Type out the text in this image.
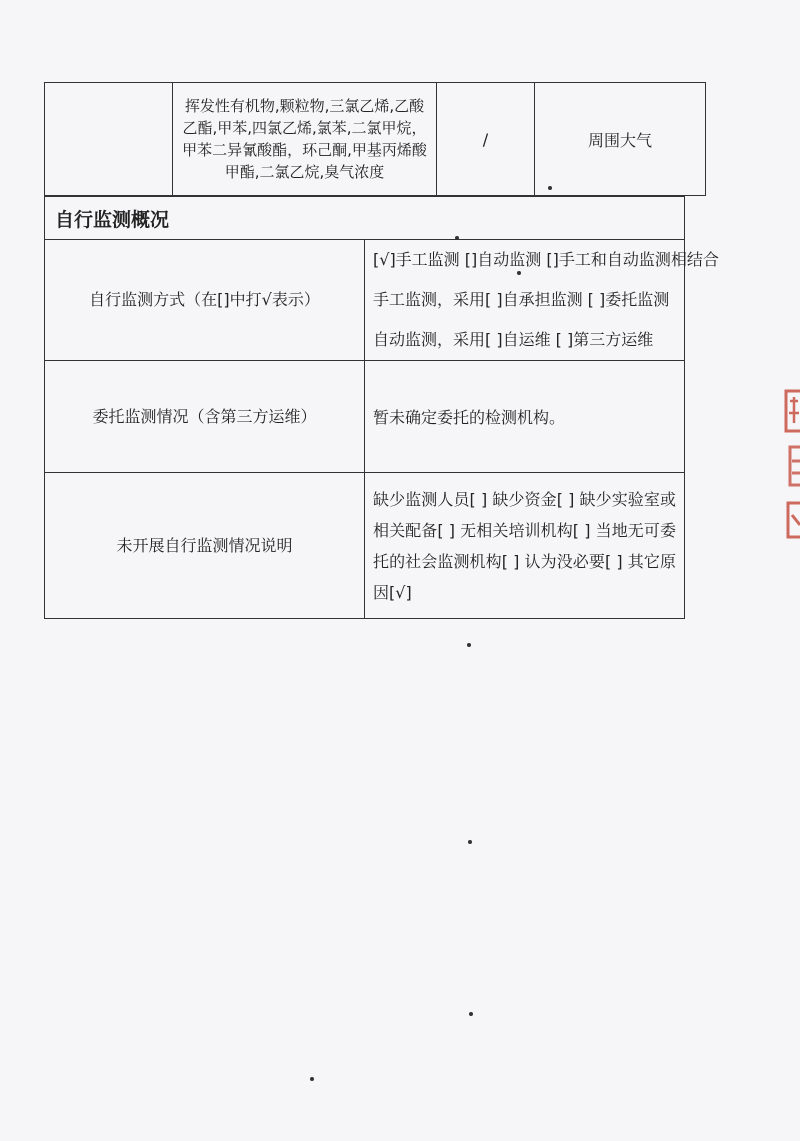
	挥发性有机物,颗粒物,三氯乙烯,乙酸乙酯,甲苯,四氯乙烯,氯苯,二氯甲烷，甲苯二异氰酸酯，环己酮,甲基丙烯酸甲酯,二氯乙烷,臭气浓度	/	周围大气
自行监测概况	
自行监测方式（在[]中打√表示）	[√]手工监测 []自动监测 []手工和自动监测相结合
手工监测，采用[ ]自承担监测 [ ]委托监测
自动监测，采用[ ]自运维 [ ]第三方运维

委托监测情况（含第三方运维）	暂未确定委托的检测机构。
未开展自行监测情况说明	缺少监测人员[ ] 缺少资金[ ] 缺少实验室或相关配备[ ] 无相关培训机构[ ] 当地无可委托的社会监测机构[ ] 认为没必要[ ] 其它原因[√]
